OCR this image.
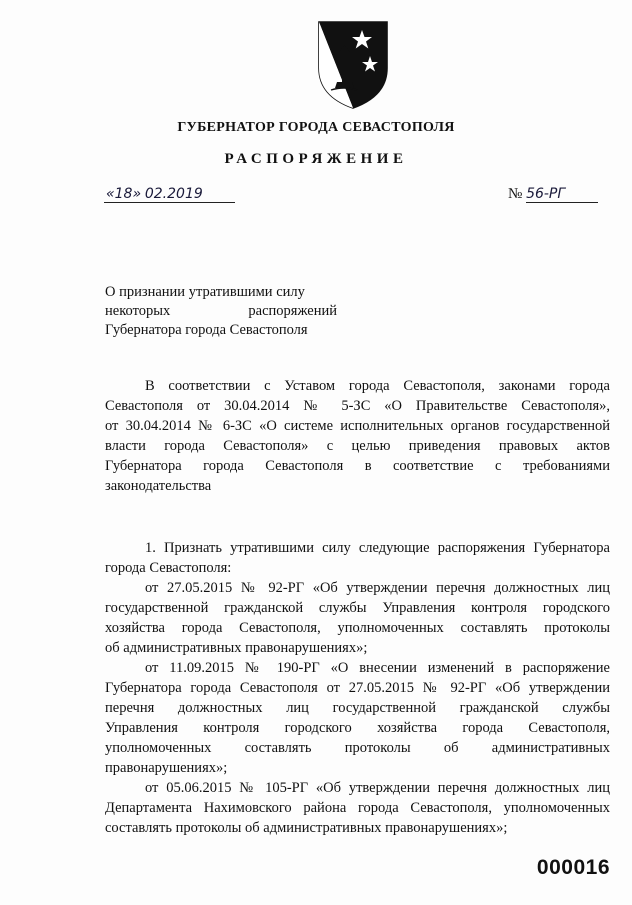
ГУБЕРНАТОР ГОРОДА СЕВАСТОПОЛЯ
РАСПОРЯЖЕНИЕ
«18» 02.2019	№ 56-РГ
О признании утратившими силу
некоторых распоряжений
Губернатора города Севастополя
В соответствии с Уставом города Севастополя, законами города
Севастополя от 30.04.2014 № 5-ЗС «О Правительстве Севастополя»,
от 30.04.2014 № 6-ЗС «О системе исполнительных органов государственной
власти города Севастополя» с целью приведения правовых актов
Губернатора города Севастополя в соответствие с требованиями
законодательства
1. Признать утратившими силу следующие распоряжения Губернатора
города Севастополя:
от 27.05.2015 № 92-РГ «Об утверждении перечня должностных лиц
государственной гражданской службы Управления контроля городского
хозяйства города Севастополя, уполномоченных составлять протоколы
об административных правонарушениях»;
от 11.09.2015 № 190-РГ «О внесении изменений в распоряжение
Губернатора города Севастополя от 27.05.2015 № 92-РГ «Об утверждении
перечня должностных лиц государственной гражданской службы
Управления контроля городского хозяйства города Севастополя,
уполномоченных составлять протоколы об административных
правонарушениях»;
от 05.06.2015 № 105-РГ «Об утверждении перечня должностных лиц
Департамента Нахимовского района города Севастополя, уполномоченных
составлять протоколы об административных правонарушениях»;
000016
